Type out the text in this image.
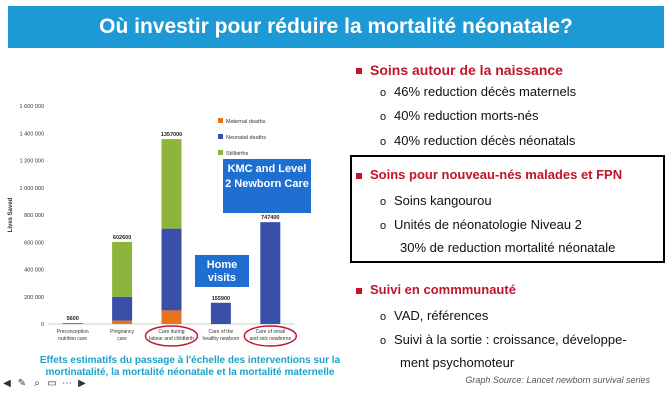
Où investir pour réduire la mortalité néonatale?
1 600 000
1 400 000
1 200 000
1 000 000
800 000
600 000
400 000
200 000
0
Lives Saved
5600
Preconception
nutrition care
602600
Pregnancy
care
1357000
Care during
labour and childbirth
155900
Care of the
healthy newborn
747400
Care of small
and sick newborns
Maternal deaths
Neonatal deaths
Stillbirths
KMC and Level 2 Newborn Care
Home visits
Effets estimatifs du passage à l'échelle des interventions sur la mortinatalité, la mortalité néonatale et la mortalité maternelle
◀ ✎ ⌕ ▭ ⋯ ▶
Soins autour de la naissance
o 46% reduction décès maternels
o 40% reduction morts-nés
o 40% reduction décès néonatals
Soins pour nouveau-nés malades et FPN
o Soins kangourou
o Unités de néonatologie Niveau 2
30% de reduction mortalité néonatale
Suivi en commmunauté
o VAD, références
o Suivi à la sortie : croissance, développe-
ment psychomoteur
Graph Source: Lancet newborn survival series
